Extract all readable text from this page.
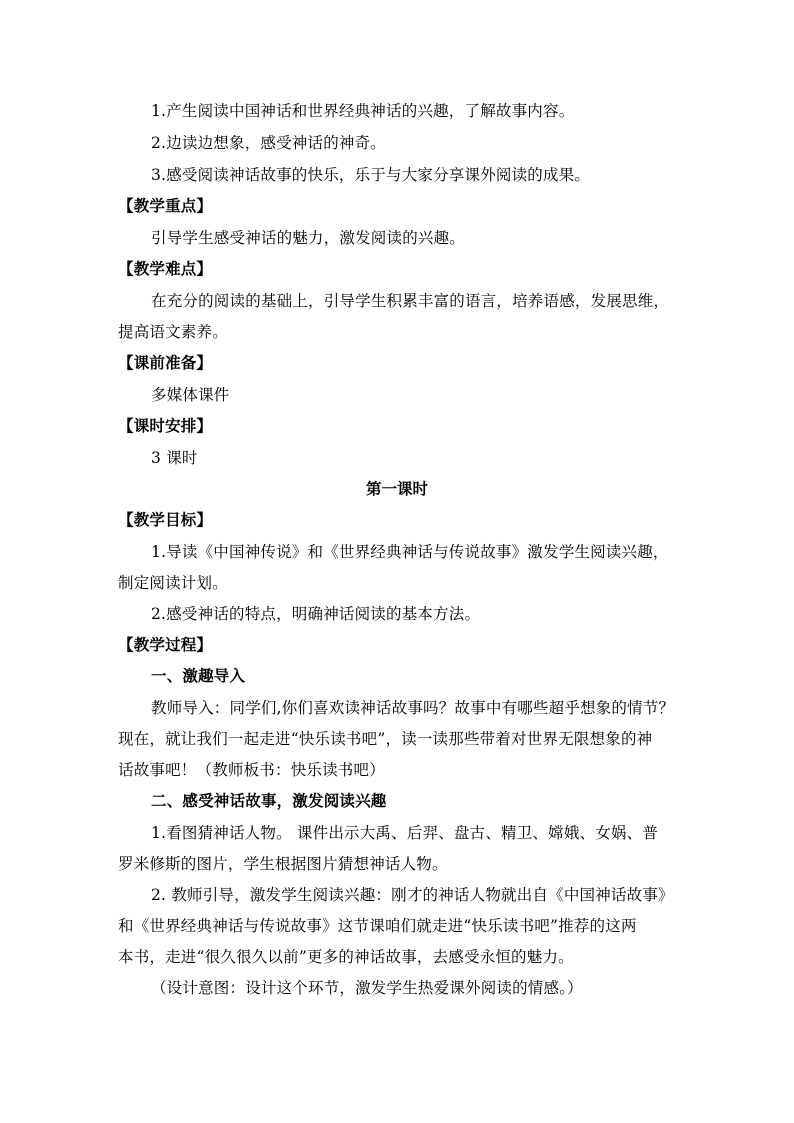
1.产生阅读中国神话和世界经典神话的兴趣，了解故事内容。
2.边读边想象，感受神话的神奇。
3.感受阅读神话故事的快乐，乐于与大家分享课外阅读的成果。
【教学重点】
引导学生感受神话的魅力，激发阅读的兴趣。
【教学难点】
在充分的阅读的基础上，引导学生积累丰富的语言，培养语感，发展思维，
提高语文素养。
【课前准备】
多媒体课件
【课时安排】
3 课时
第一课时
【教学目标】
1.导读《中国神传说》和《世界经典神话与传说故事》激发学生阅读兴趣，
制定阅读计划。
2.感受神话的特点，明确神话阅读的基本方法。
【教学过程】
一、激趣导入
教师导入：同学们,你们喜欢读神话故事吗？故事中有哪些超乎想象的情节？
现在，就让我们一起走进“快乐读书吧”，读一读那些带着对世界无限想象的神
话故事吧！（教师板书：快乐读书吧）
二、感受神话故事，激发阅读兴趣
1.看图猜神话人物。 课件出示大禹、后羿、盘古、精卫、嫦娥、女娲、普
罗米修斯的图片，学生根据图片猜想神话人物。
2. 教师引导，激发学生阅读兴趣：刚才的神话人物就出自《中国神话故事》
和《世界经典神话与传说故事》这节课咱们就走进“快乐读书吧”推荐的这两
本书，走进“很久很久以前”更多的神话故事，去感受永恒的魅力。
（设计意图：设计这个环节，激发学生热爱课外阅读的情感。）
